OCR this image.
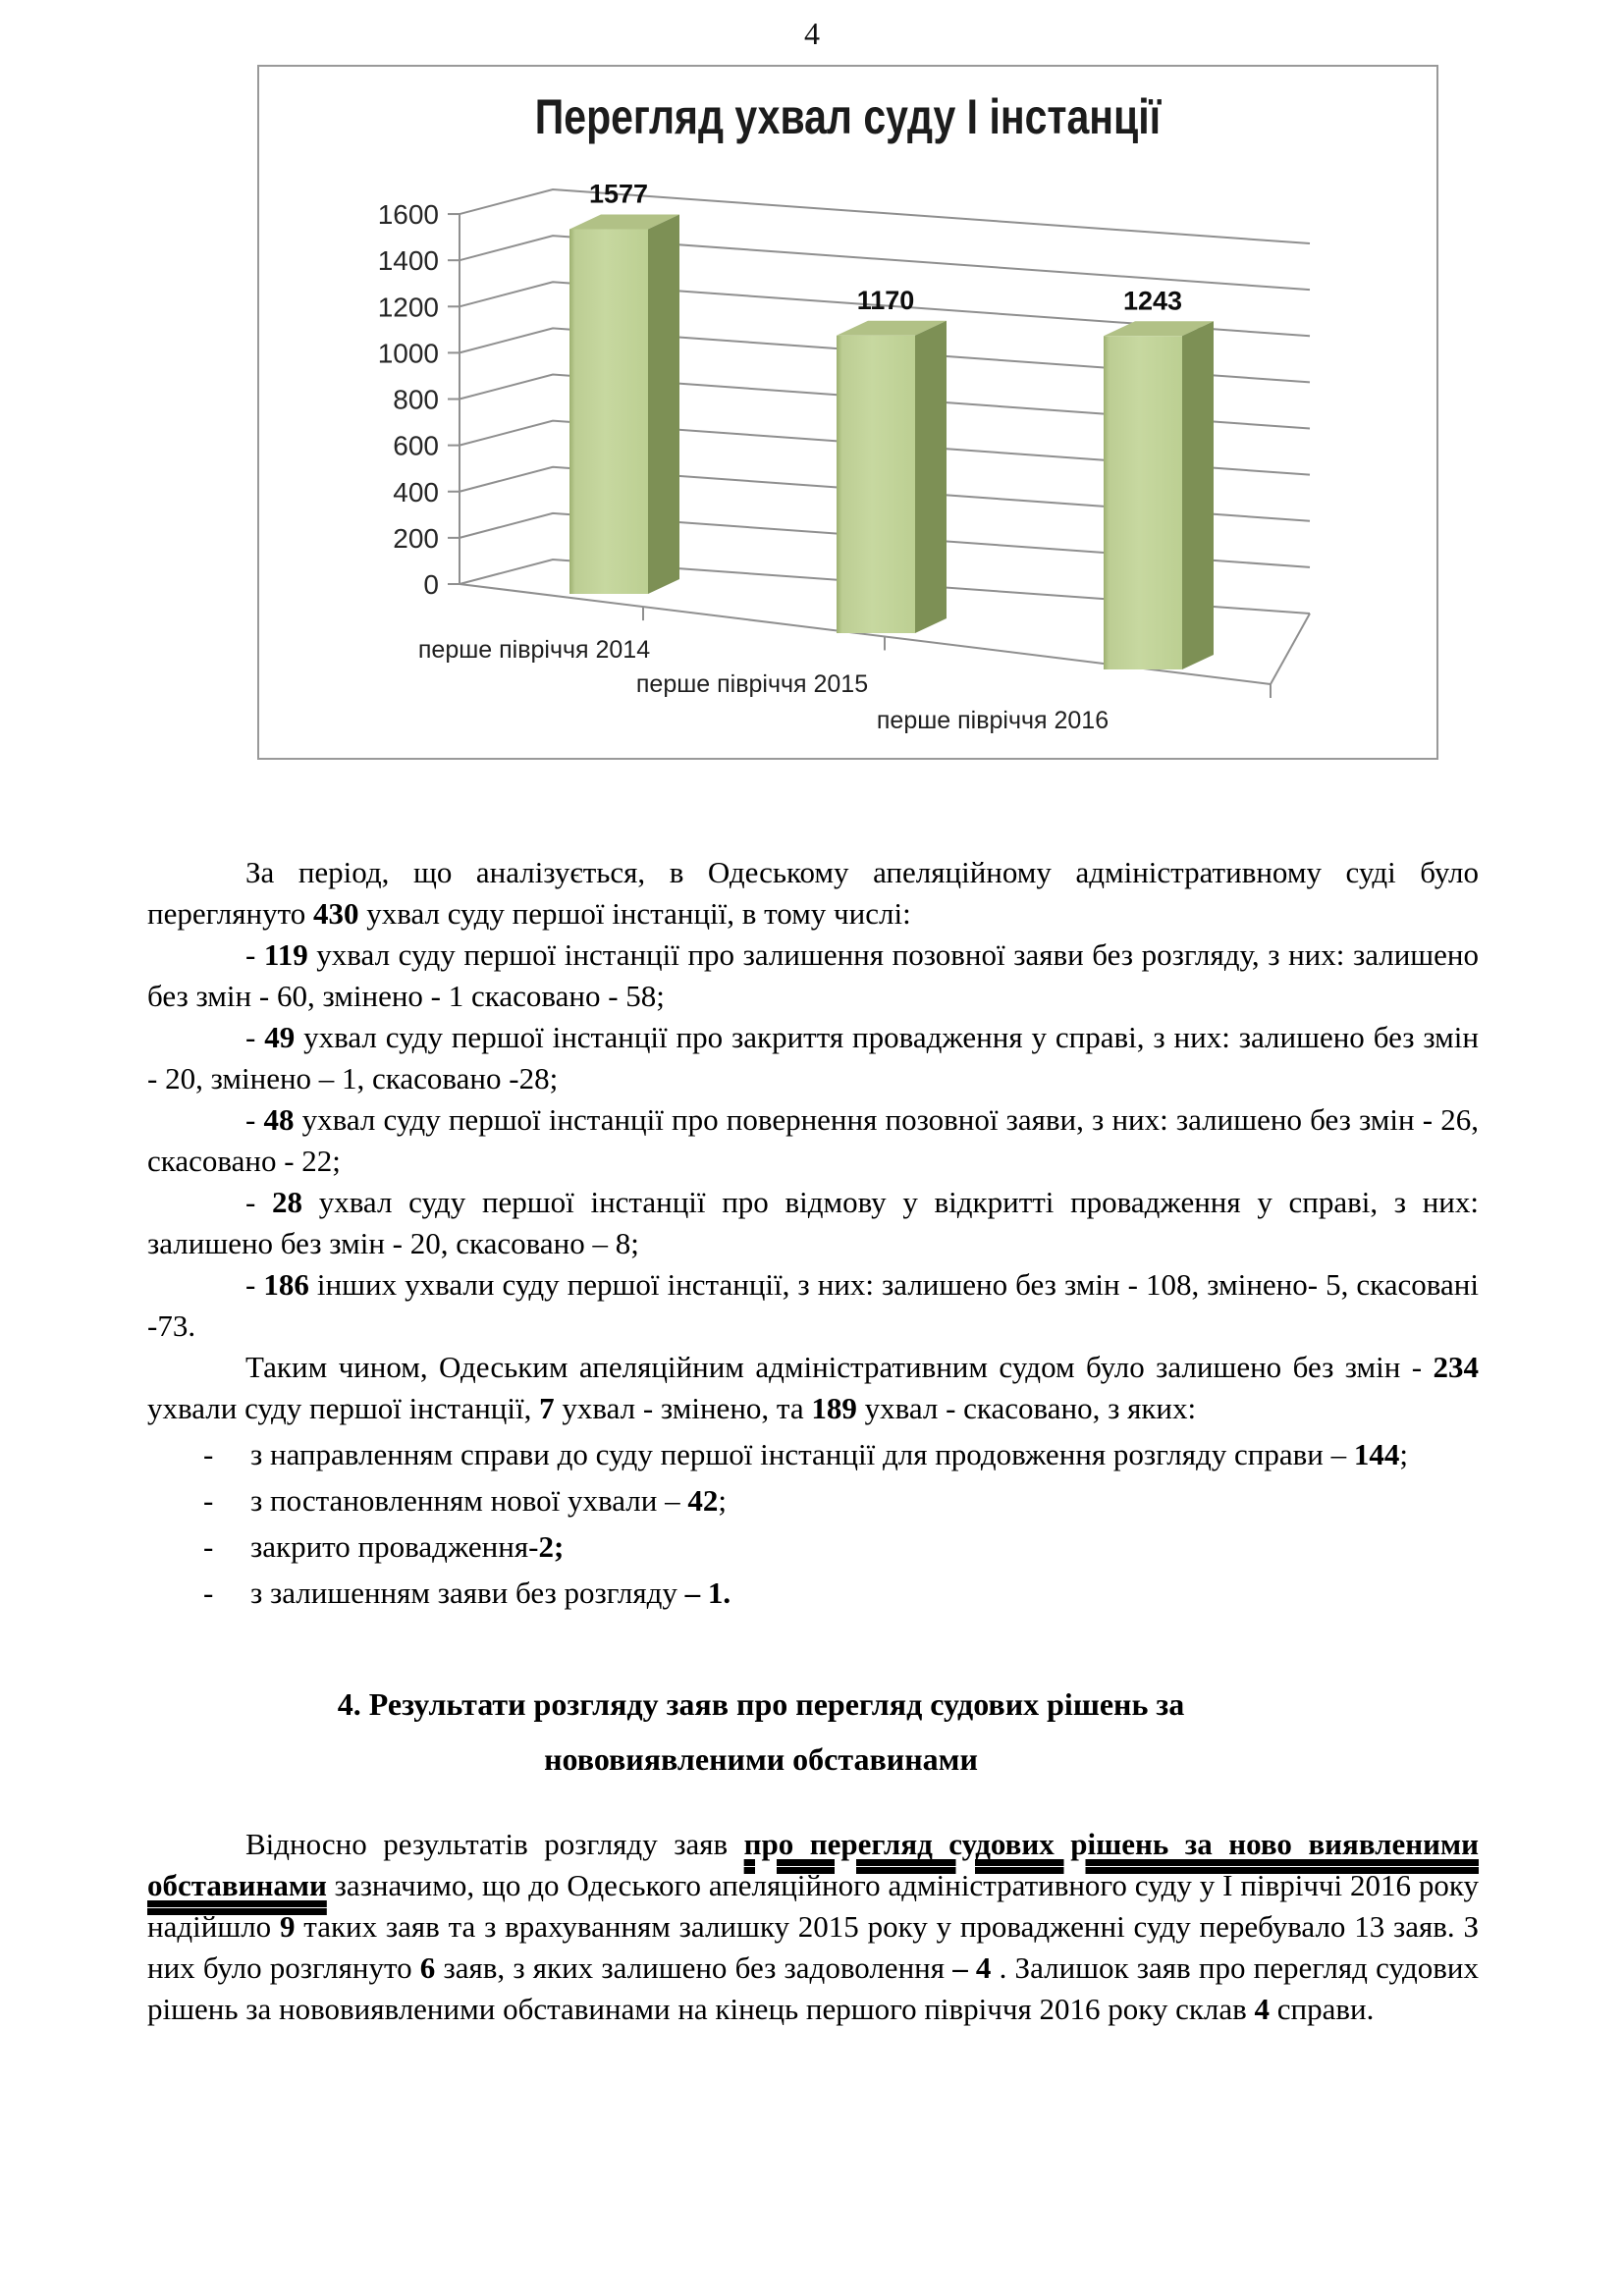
4
Перегляд ухвал суду І інстанції
0
200
400
600
800
1000
1200
1400
1600
1577
1170	1243
перше півріччя 2014
перше півріччя 2015
перше півріччя 2016
За період, що аналізується, в Одеському апеляційному адміністративному суді було переглянуто 430 ухвал суду першої інстанції, в тому числі:
- 119 ухвал суду першої інстанції про залишення позовної заяви без розгляду, з них: залишено без змін - 60, змінено - 1 скасовано - 58;
- 49 ухвал суду першої інстанції про закриття провадження у справі, з них: залишено без змін - 20, змінено – 1, скасовано -28;
- 48 ухвал суду першої інстанції про повернення позовної заяви, з них: залишено без змін - 26, скасовано - 22;
- 28 ухвал суду першої інстанції про відмову у відкритті провадження у справі, з них: залишено без змін - 20, скасовано – 8;
- 186 інших ухвали суду першої інстанції, з них: залишено без змін - 108, змінено- 5, скасовані -73.
Таким чином, Одеським апеляційним адміністративним судом було залишено без змін - 234 ухвали суду першої інстанції, 7 ухвал - змінено, та 189 ухвал - скасовано, з яких:
- з направленням справи до суду першої інстанції для продовження розгляду справи – 144;
- з постановленням нової ухвали – 42;
- закрито провадження-2;
- з залишенням заяви без розгляду – 1.
4. Результати розгляду заяв про перегляд судових рішень за нововиявленими обставинами
Відносно результатів розгляду заяв про перегляд судових рішень за ново виявленими обставинами зазначимо, що до Одеського апеляційного адміністративного суду у І півріччі 2016 року надійшло 9 таких заяв та з врахуванням залишку 2015 року у провадженні суду перебувало 13 заяв. З них було розглянуто 6 заяв, з яких залишено без задоволення – 4 . Залишок заяв про перегляд судових рішень за нововиявленими обставинами на кінець першого півріччя 2016 року склав 4 справи.
